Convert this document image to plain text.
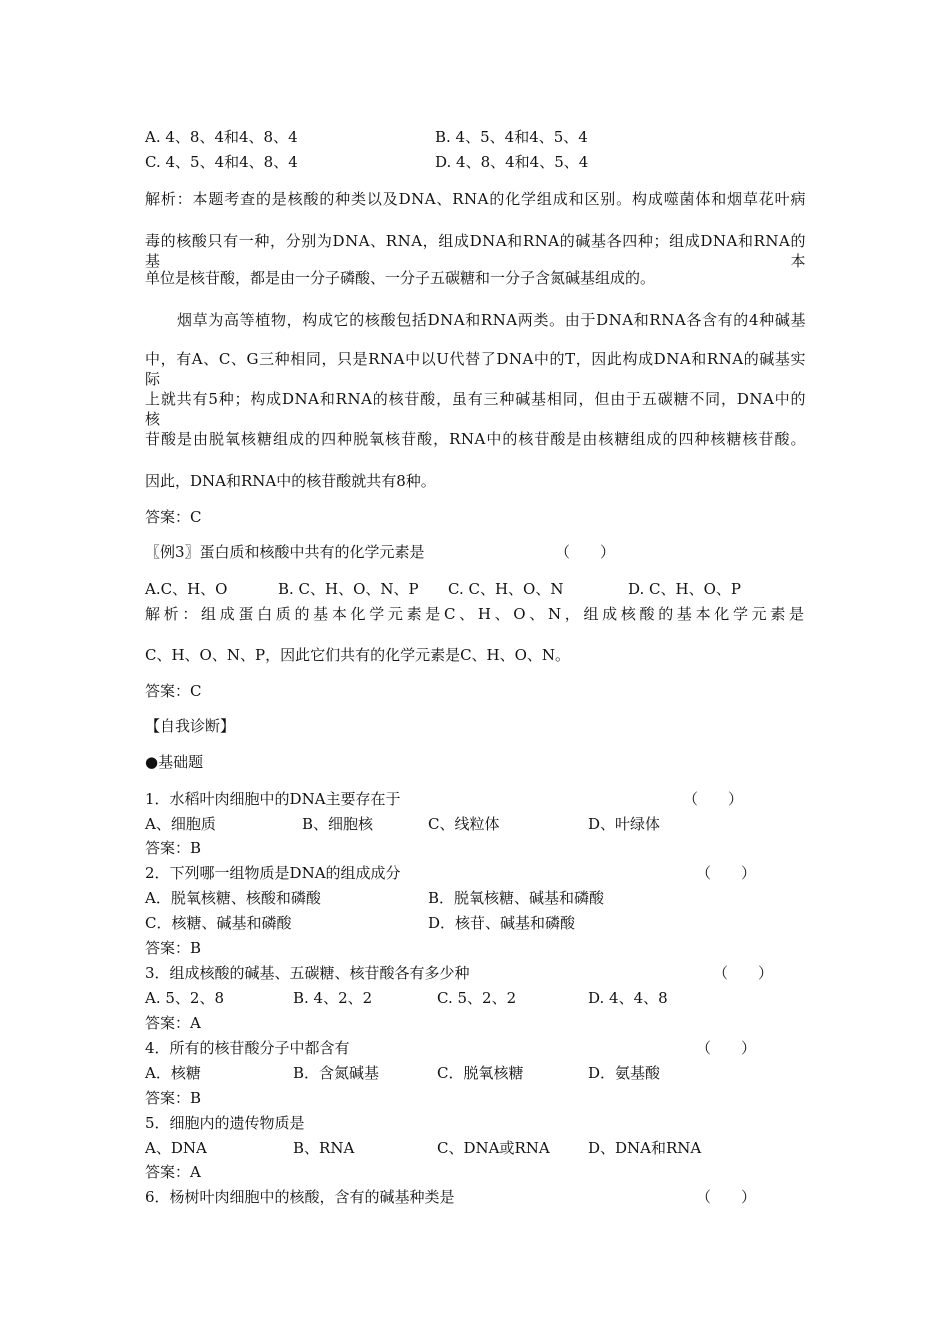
A. 4、8、4和4、8、4	B. 4、5、4和4、5、4
C. 4、5、4和4、8、4	D. 4、8、4和4、5、4
解析：本题考查的是核酸的种类以及DNA、RNA的化学组成和区别。构成噬菌体和烟草花叶病
毒的核酸只有一种，分别为DNA、RNA，组成DNA和RNA的碱基各四种；组成DNA和RNA的基本
单位是核苷酸，都是由一分子磷酸、一分子五碳糖和一分子含氮碱基组成的。
烟草为高等植物，构成它的核酸包括DNA和RNA两类。由于DNA和RNA各含有的4种碱基
中，有A、C、G三种相同，只是RNA中以U代替了DNA中的T，因此构成DNA和RNA的碱基实际
上就共有5种；构成DNA和RNA的核苷酸，虽有三种碱基相同，但由于五碳糖不同，DNA中的核
苷酸是由脱氧核糖组成的四种脱氧核苷酸，RNA中的核苷酸是由核糖组成的四种核糖核苷酸。
因此，DNA和RNA中的核苷酸就共有8种。
答案：C
〖例3〗蛋白质和核酸中共有的化学元素是	（　　）
A.C、H、O	B. C、H、O、N、P C. C、H、O、N	D. C、H、O、P
解析：组成蛋白质的基本化学元素是C、H、O、N，组成核酸的基本化学元素是
C、H、O、N、P，因此它们共有的化学元素是C、H、O、N。
答案：C
【自我诊断】
●基础题
1．水稻叶肉细胞中的DNA主要存在于	（　　）
A、细胞质	B、细胞核	C、线粒体	D、叶绿体
答案：B
2．下列哪一组物质是DNA的组成成分	（　　）
A．脱氧核糖、核酸和磷酸	B．脱氧核糖、碱基和磷酸
C．核糖、碱基和磷酸	D．核苷、碱基和磷酸
答案：B
3．组成核酸的碱基、五碳糖、核苷酸各有多少种	（　　）
A. 5、2、8	B. 4、2、2	C. 5、2、2	D. 4、4、8
答案：A
4．所有的核苷酸分子中都含有	（　　）
A．核糖	B．含氮碱基	C．脱氧核糖	D．氨基酸
答案：B
5．细胞内的遗传物质是
A、DNA	B、RNA	C、DNA或RNA	D、DNA和RNA
答案：A
6．杨树叶肉细胞中的核酸，含有的碱基种类是	（　　）
